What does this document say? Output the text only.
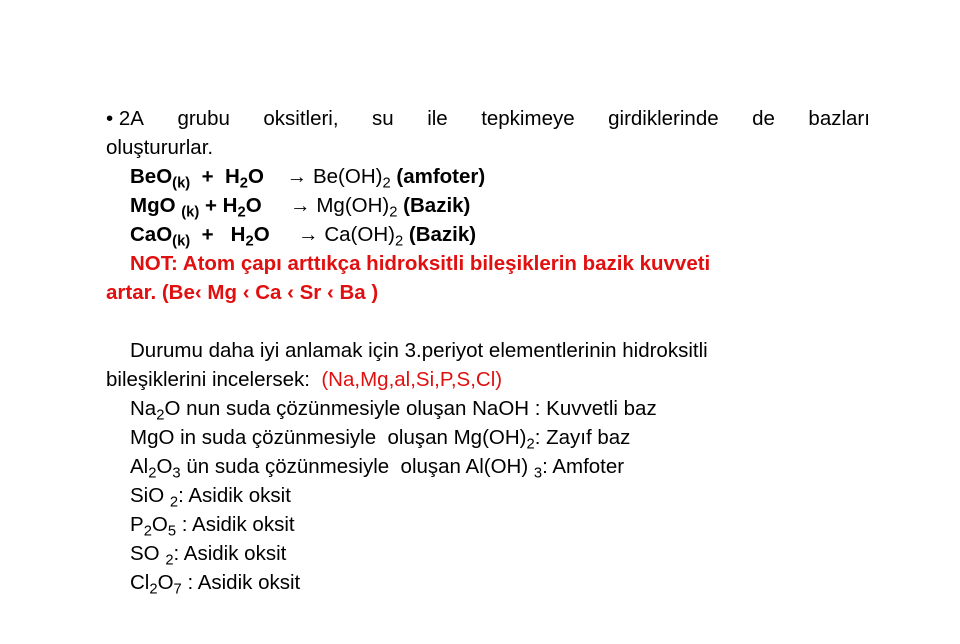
• 2A grubu oksitleri, su ile tepkimeye girdiklerinde de bazları
oluştururlar.
$BeO_{(k)} + H_2O \to Be(OH)_2$ (amfoter)
MgO $_{(k)} + H_2O \to Mg(OH)_2$ (Bazik)
$CaO_{(k)} + H_2O \to Ca(OH)_2$ (Bazik)
NOT: Atom çapı arttıkça hidroksitli bileşiklerin bazik kuvveti
artar. (Be‹ Mg ‹ Ca ‹ Sr ‹ Ba )
Durumu daha iyi anlamak için 3.periyot elementlerinin hidroksitli
bileşiklerini incelersek: (Na,Mg,al,Si,P,S,Cl)
$Na_2O$ nun suda çözünmesiyle oluşan NaOH : Kuvvetli baz
MgO in suda çözünmesiyle  oluşan $Mg(OH)_2$: Zayıf baz
$Al_2O_3$ ün suda çözünmesiyle  oluşan Al(OH) $_3$: Amfoter
SiO $_2$: Asidik oksit
$P_2O_5$ : Asidik oksit
SO $_2$: Asidik oksit
$Cl_2O_7$ : Asidik oksit
